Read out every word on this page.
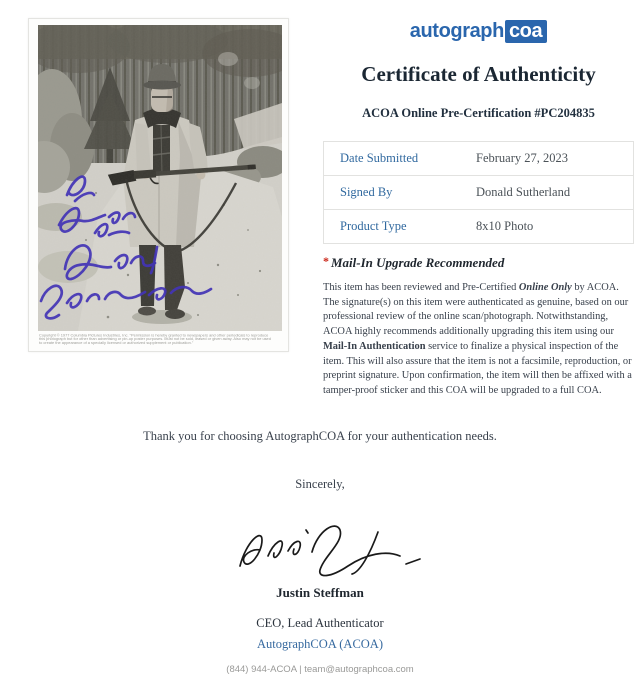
Copyright © 1977 Columbia Pictures Industries, Inc. "Permission is hereby granted to newspapers and other periodicals to reproduce this photograph but for other than advertising or pin-up poster purposes. Must not be sold, leased or given away. Also may not be used to create the appearance of a specially licensed or authorized supplement or publication."
autograph coa
Certificate of Authenticity
ACOA Online Pre-Certification #PC204835
Date Submitted	February 27, 2023
Signed By	Donald Sutherland
Product Type	8x10 Photo
* Mail-In Upgrade Recommended
This item has been reviewed and Pre-Certified Online Only by ACOA. The signature(s) on this item were authenticated as genuine, based on our professional review of the online scan/photograph. Notwithstanding, ACOA highly recommends additionally upgrading this item using our Mail-In Authentication service to finalize a physical inspection of the item. This will also assure that the item is not a facsimile, reproduction, or preprint signature. Upon confirmation, the item will then be affixed with a tamper-proof sticker and this COA will be upgraded to a full COA.
Thank you for choosing AutographCOA for your authentication needs.
Sincerely,
Justin Steffman
CEO, Lead Authenticator
AutographCOA (ACOA)
(844) 944-ACOA | team@autographcoa.com
